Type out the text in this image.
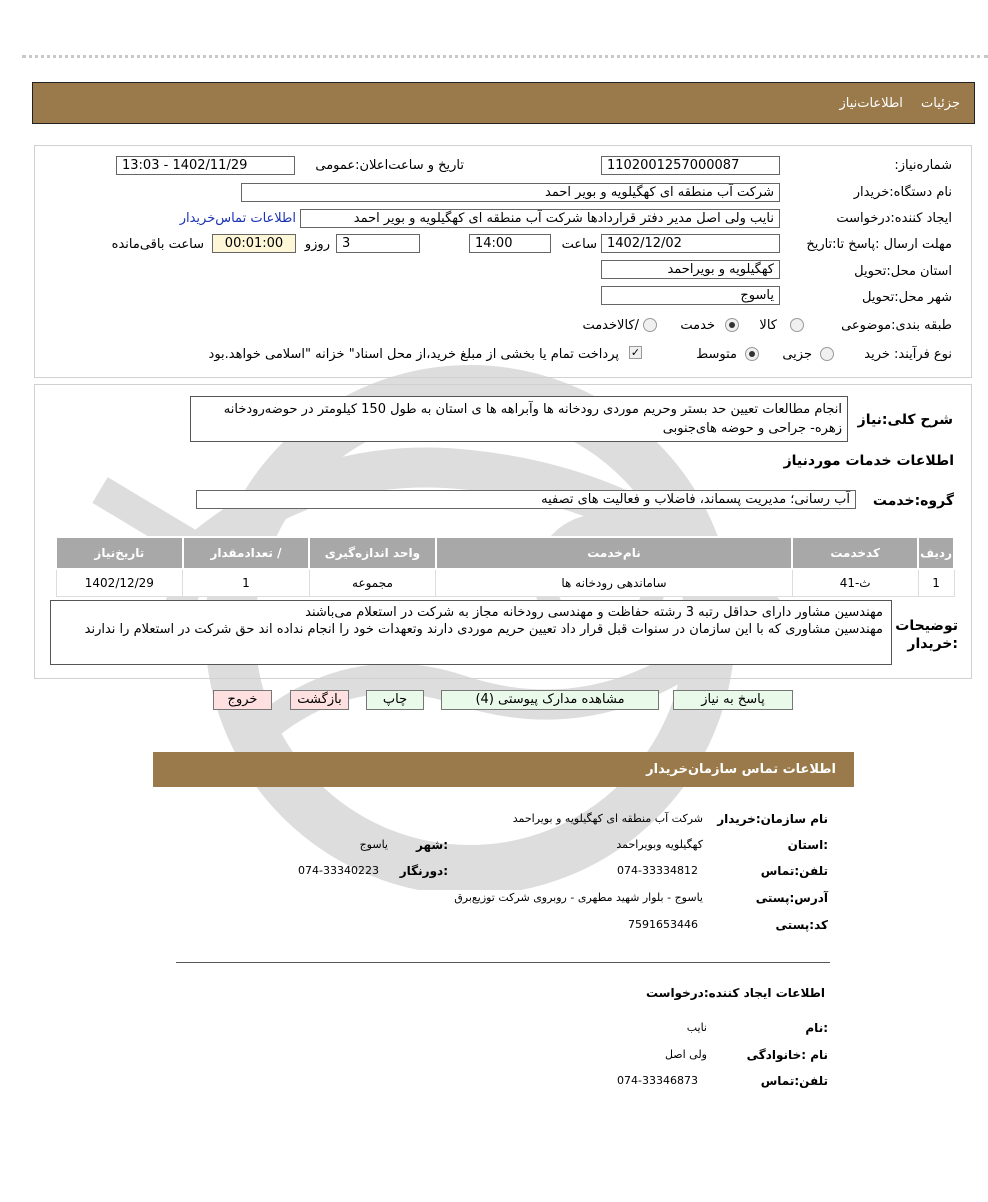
جزئیات اطلاعات‌نیاز
شماره‌نیاز:
1102001257000087
تاریخ و ساعت‌اعلان‌:عمومی
1402/11/29 - 13:03
نام دستگاه‌:خریدار
شرکت آب منطقه ای کهگیلویه و بویر احمد
ایجاد کننده‌:درخواست
نایب ولی اصل مدیر دفتر قراردادها شرکت آب منطقه ای کهگیلویه و بویر احمد
اطلاعات تماس‌خریدار
مهلت ارسال :پاسخ تا:تاریخ
1402/12/02
ساعت
14:00
3
روزو
00:01:00
ساعت باقی‌مانده
استان محل:تحویل
کهگیلویه و بویراحمد
شهر محل:تحویل
یاسوج
طبقه بندی:موضوعی
کالا
خدمت
/کالاخدمت
نوع فرآیند: خرید
جزیی
متوسط
✓
پرداخت تمام یا بخشی از مبلغ خرید،از محل اسناد" خزانه "اسلامی خواهد.بود
شرح کلی:نیاز
انجام مطالعات تعیین حد بستر وحریم موردی رودخانه ها وآبراهه ها ی استان به طول 150 کیلومتر در حوضه‌رودخانه زهره- جراحی و حوضه های‌جنوبی
اطلاعات خدمات موردنیاز
گروه:خدمت
آب رسانی؛ مدیریت پسماند، فاضلاب و فعالیت های تصفیه
ردیف	کدخدمت	نام‌خدمت	واحد اندازه‌گیری	/ تعدادمقدار	تاریخ‌نیاز
1	ث-41	ساماندهی رودخانه ها	مجموعه	1	1402/12/29
توضیحات :خریدار
مهندسین مشاور دارای حداقل رتبه 3 رشته حفاظت و مهندسی رودخانه مجاز به شرکت در استعلام می‌باشند
مهندسین مشاوری که با این سازمان در سنوات قبل قرار داد تعیین حریم موردی دارند وتعهدات خود را انجام نداده اند حق شرکت در استعلام را ندارند
پاسخ به نیاز
مشاهده مدارک پیوستی (4)
چاپ
بازگشت
خروج
اطلاعات تماس سازمان‌خریدار
نام سازمان:خریدار
شرکت آب منطقه ای کهگیلویه و بویراحمد
:استان
کهگیلویه وبویراحمد
:شهر
یاسوج
تلفن:تماس
074-33334812
:دورنگار
074-33340223
آدرس:پستی
یاسوج - بلوار شهید مطهری - روبروی شرکت توزیع‌برق
کد:پستی
7591653446
اطلاعات ایجاد کننده:درخواست
:نام
نایب
نام :خانوادگی
ولی اصل
تلفن:تماس
074-33346873
